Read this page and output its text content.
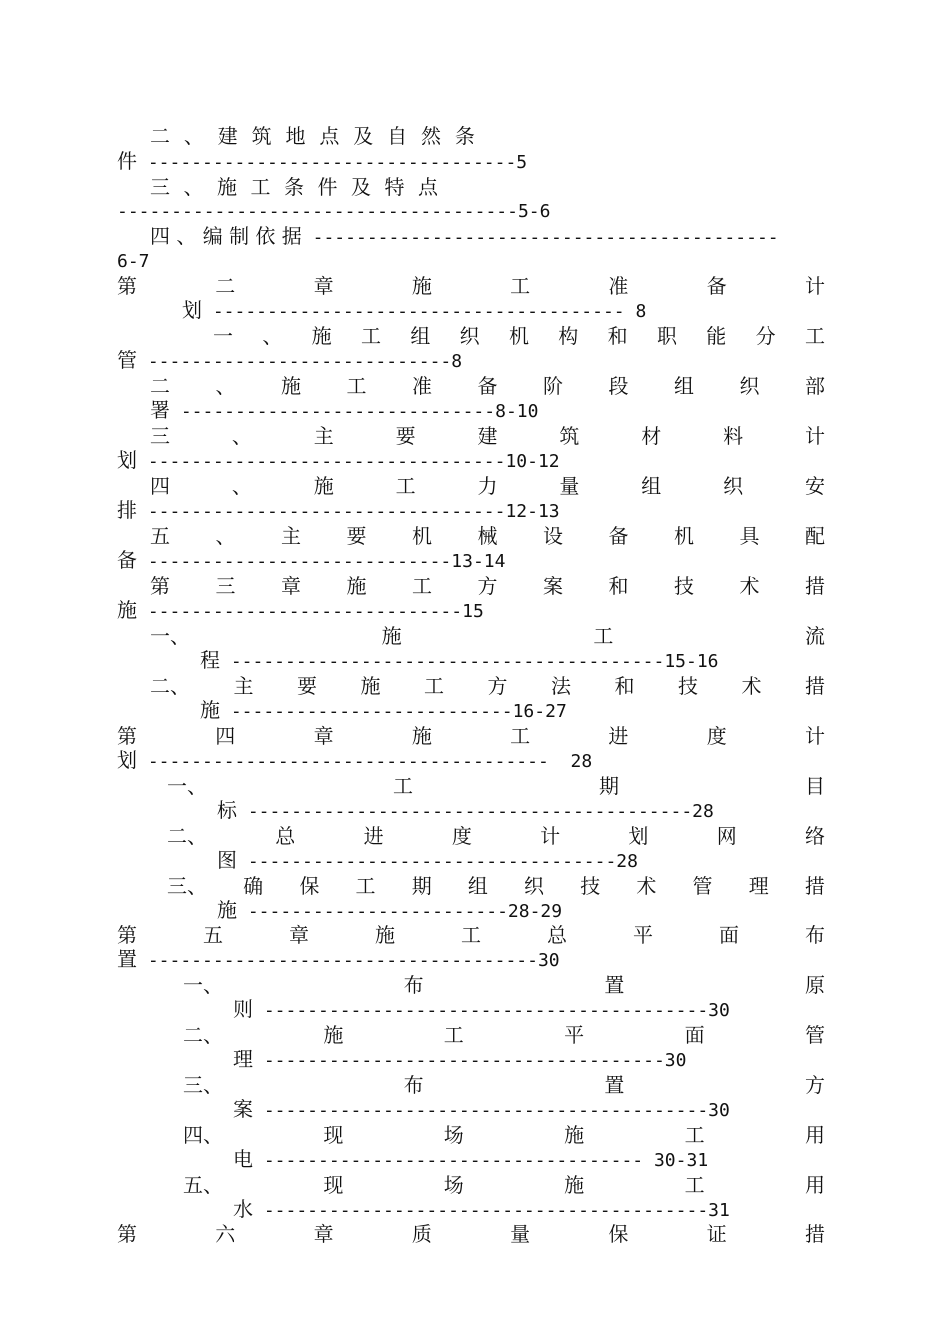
二 、 建 筑 地 点 及 自 然 条
件 ----------------------------------5
三 、 施 工 条 件 及 特 点
-------------------------------------5-6
四 、 编 制 依 据 -------------------------------------------
6-7
第	二	章	施	工	准	备	计
划 -------------------------------------- 8
一 、 施 工 组 织 机 构 和 职 能 分 工
管 ----------------------------8
二 、 施 工 准 备 阶 段 组 织 部
署 -----------------------------8-10
三	、	主	要	建	筑	材	料	计
划 ---------------------------------10-12
四	、	施	工	力	量	组	织	安
排 ---------------------------------12-13
五 、 主 要 机 械 设 备 机 具 配
备 ----------------------------13-14
第 三 章 施 工 方 案 和 技 术 措
施 -----------------------------15
一、	施	工	流
程 ----------------------------------------15-16
二、 主 要 施 工 方 法 和 技 术 措
施 --------------------------16-27
第	四	章	施	工	进	度	计
划 -------------------------------------  28
一、	工	期	目
标 -----------------------------------------28
二、	总	进	度	计	划	网	络
图 ----------------------------------28
三、 确 保 工 期 组 织 技 术 管 理 措
施 ------------------------28-29
第	五	章	施	工	总	平	面	布
置 ------------------------------------30
一、	布	置	原
则 -----------------------------------------30
二、	施	工	平	面	管
理 -------------------------------------30
三、	布	置	方
案 -----------------------------------------30
四、	现	场	施	工	用
电 ----------------------------------- 30-31
五、	现	场	施	工	用
水 -----------------------------------------31
第	六	章	质	量	保	证	措
